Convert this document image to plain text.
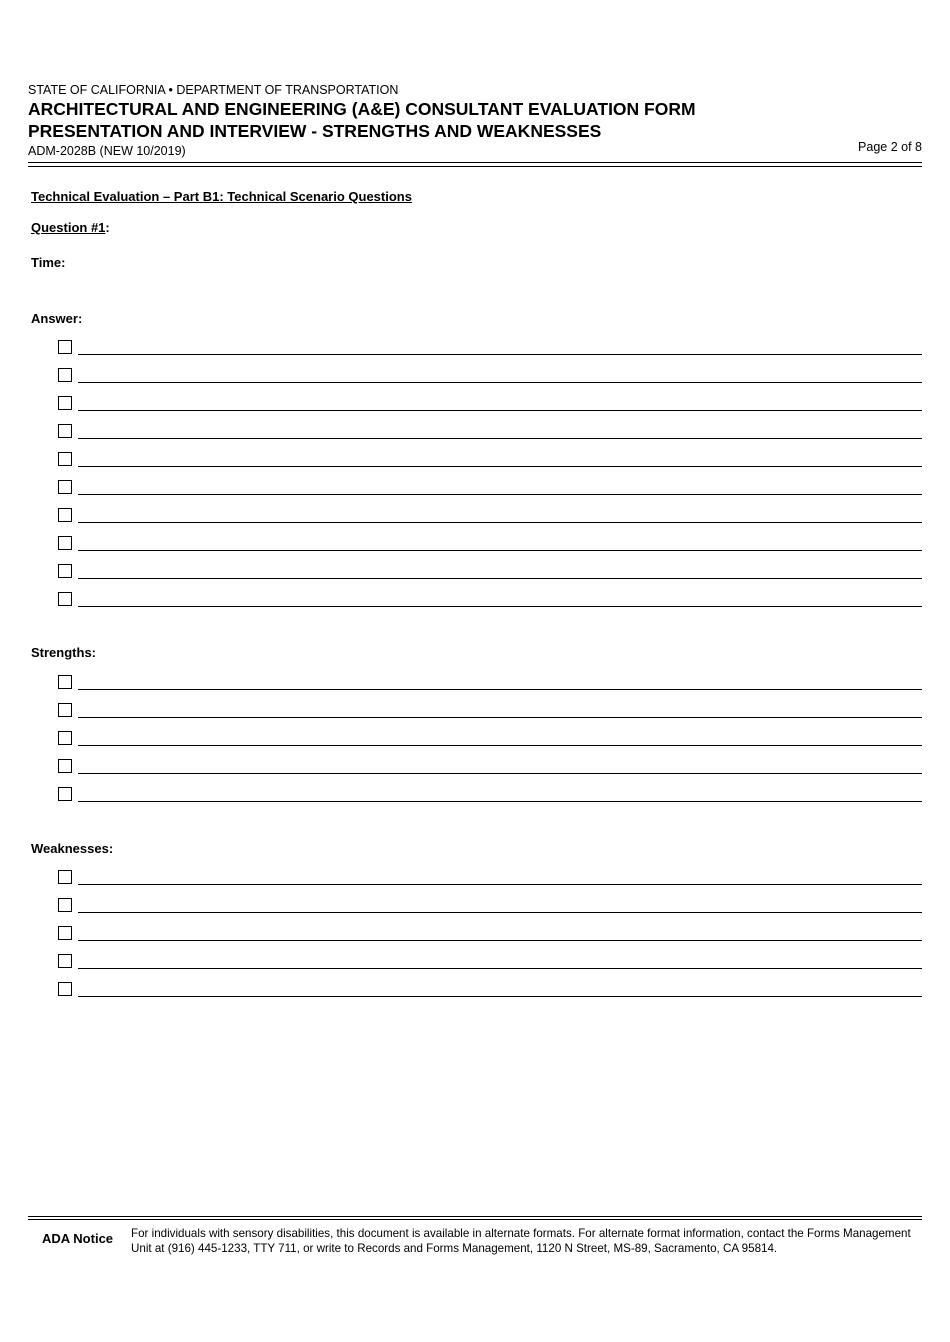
STATE OF CALIFORNIA • DEPARTMENT OF TRANSPORTATION
ARCHITECTURAL AND ENGINEERING (A&E) CONSULTANT EVALUATION FORM
PRESENTATION AND INTERVIEW - STRENGTHS AND WEAKNESSES
ADM-2028B (NEW 10/2019)	Page 2 of 8
Technical Evaluation – Part B1: Technical Scenario Questions
Question #1:
Time:
Answer:
Strengths:
Weaknesses:
ADA Notice For individuals with sensory disabilities, this document is available in alternate formats. For alternate format information, contact the Forms Management Unit at (916) 445-1233, TTY 711, or write to Records and Forms Management, 1120 N Street, MS-89, Sacramento, CA 95814.
